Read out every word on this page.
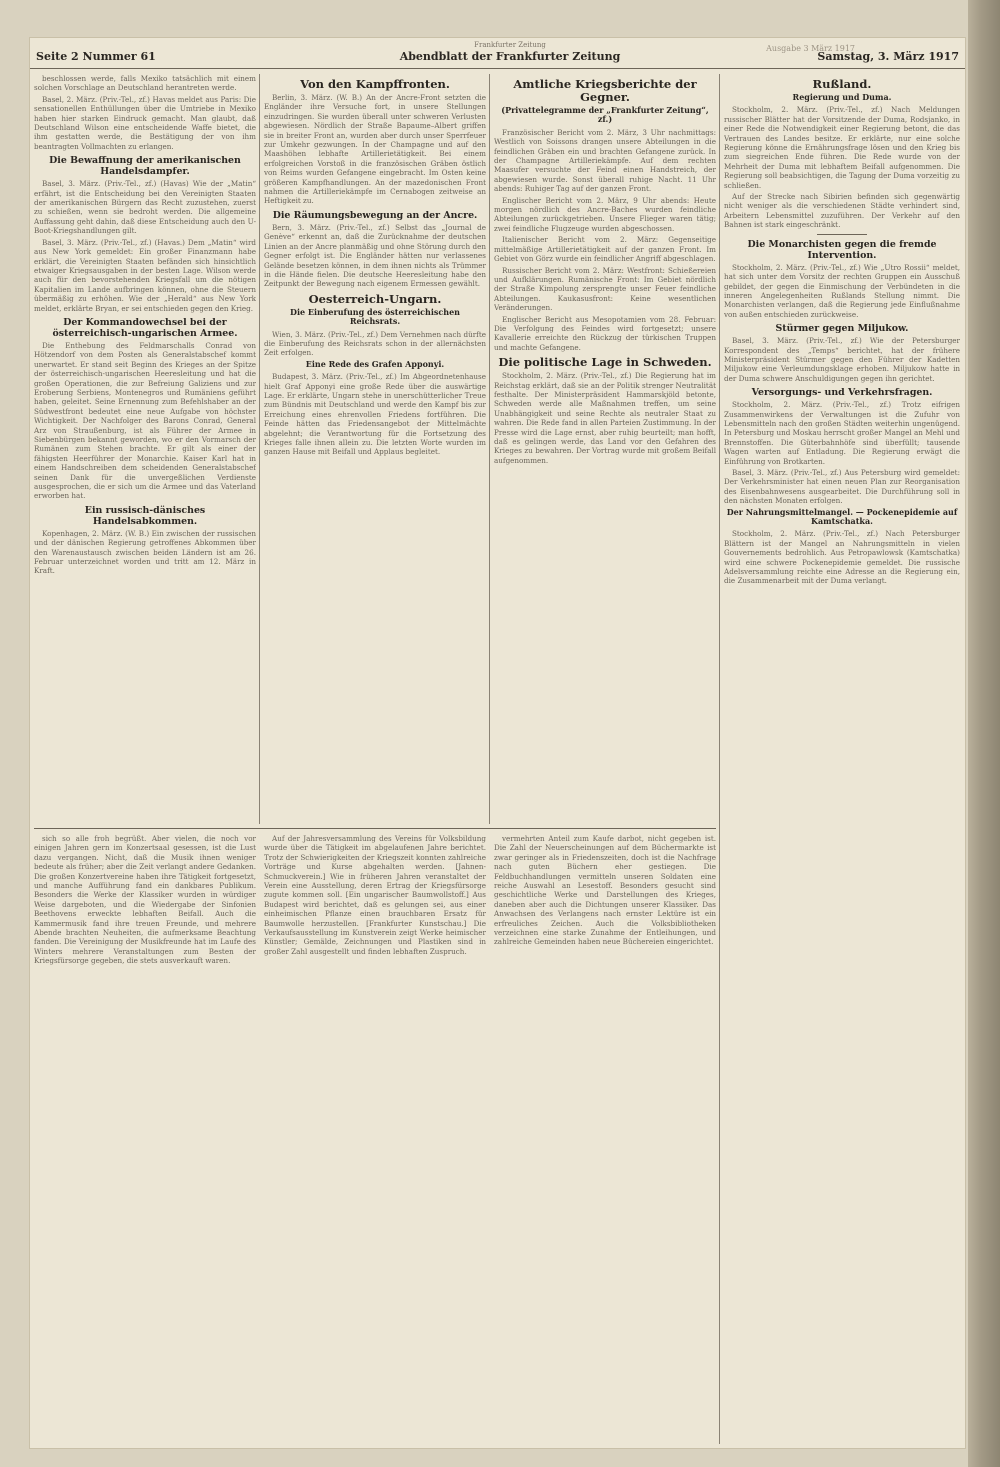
Seite 2 Nummer 61
Frankfurter Zeitung
Abendblatt der Frankfurter Zeitung
Ausgabe 3 März 1917
Samstag, 3. März 1917

beschlossen werde, falls Mexiko tatsächlich mit einem solchen Vorschlage an Deutschland herantreten werde.

Basel, 2. März. (Priv.-Tel., zf.) Havas meldet aus Paris: Die sensationellen Enthüllungen über die Umtriebe in Mexiko haben hier starken Eindruck gemacht. Man glaubt, daß Deutschland Wilson eine entscheidende Waffe bietet, die ihm gestatten werde, die Bestätigung der von ihm beantragten Vollmachten zu erlangen.

Die Bewaffnung der amerikanischen Handelsdampfer.

Basel, 3. März. (Priv.-Tel., zf.) (Havas) Wie der „Matin“ erfährt, ist die Entscheidung bei den Vereinigten Staaten der amerikanischen Bürgern das Recht zuzustehen, zuerst zu schießen, wenn sie bedroht werden. Die allgemeine Auffassung geht dahin, daß diese Entscheidung auch den U-Boot-Kriegshandlungen gilt.

Basel, 3. März. (Priv.-Tel., zf.) (Havas.) Dem „Matin“ wird aus New York gemeldet: Ein großer Finanzmann habe erklärt, die Vereinigten Staaten befänden sich hinsichtlich etwaiger Kriegsausgaben in der besten Lage. Wilson werde auch für den bevorstehenden Kriegsfall um die nötigen Kapitalien im Lande aufbringen können, ohne die Steuern übermäßig zu erhöhen. Wie der „Herald“ aus New York meldet, erklärte Bryan, er sei entschieden gegen den Krieg.

Der Kommandowechsel bei der österreichisch-ungarischen Armee.

Die Enthebung des Feldmarschalls Conrad von Hötzendorf von dem Posten als Generalstabschef kommt unerwartet. Er stand seit Beginn des Krieges an der Spitze der österreichisch-ungarischen Heeresleitung und hat die großen Operationen, die zur Befreiung Galiziens und zur Eroberung Serbiens, Montenegros und Rumäniens geführt haben, geleitet. Seine Ernennung zum Befehlshaber an der Südwestfront bedeutet eine neue Aufgabe von höchster Wichtigkeit. Der Nachfolger des Barons Conrad, General Arz von Straußenburg, ist als Führer der Armee in Siebenbürgen bekannt geworden, wo er den Vormarsch der Rumänen zum Stehen brachte. Er gilt als einer der fähigsten Heerführer der Monarchie. Kaiser Karl hat in einem Handschreiben dem scheidenden Generalstabschef seinen Dank für die unvergeßlichen Verdienste ausgesprochen, die er sich um die Armee und das Vaterland erworben hat.

Ein russisch-dänisches Handelsabkommen.

Kopenhagen, 2. März. (W. B.) Ein zwischen der russischen und der dänischen Regierung getroffenes Abkommen über den Warenaustausch zwischen beiden Ländern ist am 26. Februar unterzeichnet worden und tritt am 12. März in Kraft.

Von den Kampffronten.

Berlin, 3. März. (W. B.) An der Ancre-Front setzten die Engländer ihre Versuche fort, in unsere Stellungen einzudringen. Sie wurden überall unter schweren Verlusten abgewiesen. Nördlich der Straße Bapaume–Albert griffen sie in breiter Front an, wurden aber durch unser Sperrfeuer zur Umkehr gezwungen. In der Champagne und auf den Maashöhen lebhafte Artillerietätigkeit. Bei einem erfolgreichen Vorstoß in die französischen Gräben östlich von Reims wurden Gefangene eingebracht. Im Osten keine größeren Kampfhandlungen. An der mazedonischen Front nahmen die Artilleriekämpfe im Cernabogen zeitweise an Heftigkeit zu.

Die Räumungsbewegung an der Ancre.

Bern, 3. März. (Priv.-Tel., zf.) Selbst das „Journal de Genève“ erkennt an, daß die Zurücknahme der deutschen Linien an der Ancre planmäßig und ohne Störung durch den Gegner erfolgt ist. Die Engländer hätten nur verlassenes Gelände besetzen können, in dem ihnen nichts als Trümmer in die Hände fielen. Die deutsche Heeresleitung habe den Zeitpunkt der Bewegung nach eigenem Ermessen gewählt.

Oesterreich-Ungarn.
Die Einberufung des österreichischen Reichsrats.

Wien, 3. März. (Priv.-Tel., zf.) Dem Vernehmen nach dürfte die Einberufung des Reichsrats schon in der allernächsten Zeit erfolgen.

Eine Rede des Grafen Apponyi.

Budapest, 3. März. (Priv.-Tel., zf.) Im Abgeordnetenhause hielt Graf Apponyi eine große Rede über die auswärtige Lage. Er erklärte, Ungarn stehe in unerschütterlicher Treue zum Bündnis mit Deutschland und werde den Kampf bis zur Erreichung eines ehrenvollen Friedens fortführen. Die Feinde hätten das Friedensangebot der Mittelmächte abgelehnt; die Verantwortung für die Fortsetzung des Krieges falle ihnen allein zu. Die letzten Worte wurden im ganzen Hause mit Beifall und Applaus begleitet.

Amtliche Kriegsberichte der Gegner.
(Privattelegramme der „Frankfurter Zeitung“, zf.)

Französischer Bericht vom 2. März, 3 Uhr nachmittags: Westlich von Soissons drangen unsere Abteilungen in die feindlichen Gräben ein und brachten Gefangene zurück. In der Champagne Artilleriekämpfe. Auf dem rechten Maasufer versuchte der Feind einen Handstreich, der abgewiesen wurde. Sonst überall ruhige Nacht. 11 Uhr abends: Ruhiger Tag auf der ganzen Front.

Englischer Bericht vom 2. März, 9 Uhr abends: Heute morgen nördlich des Ancre-Baches wurden feindliche Abteilungen zurückgetrieben. Unsere Flieger waren tätig; zwei feindliche Flugzeuge wurden abgeschossen.

Italienischer Bericht vom 2. März: Gegenseitige mittelmäßige Artillerietätigkeit auf der ganzen Front. Im Gebiet von Görz wurde ein feindlicher Angriff abgeschlagen.

Russischer Bericht vom 2. März: Westfront: Schießereien und Aufklärungen. Rumänische Front: Im Gebiet nördlich der Straße Kimpolung zersprengte unser Feuer feindliche Abteilungen. Kaukasusfront: Keine wesentlichen Veränderungen.

Englischer Bericht aus Mesopotamien vom 28. Februar: Die Verfolgung des Feindes wird fortgesetzt; unsere Kavallerie erreichte den Rückzug der türkischen Truppen und machte Gefangene.

Die politische Lage in Schweden.

Stockholm, 2. März. (Priv.-Tel., zf.) Die Regierung hat im Reichstag erklärt, daß sie an der Politik strenger Neutralität festhalte. Der Ministerpräsident Hammarskjöld betonte, Schweden werde alle Maßnahmen treffen, um seine Unabhängigkeit und seine Rechte als neutraler Staat zu wahren. Die Rede fand in allen Parteien Zustimmung. In der Presse wird die Lage ernst, aber ruhig beurteilt; man hofft, daß es gelingen werde, das Land vor den Gefahren des Krieges zu bewahren. Der Vortrag wurde mit großem Beifall aufgenommen.

Rußland.
Regierung und Duma.

Stockholm, 2. März. (Priv.-Tel., zf.) Nach Meldungen russischer Blätter hat der Vorsitzende der Duma, Rodsjanko, in einer Rede die Notwendigkeit einer Regierung betont, die das Vertrauen des Landes besitze. Er erklärte, nur eine solche Regierung könne die Ernährungsfrage lösen und den Krieg bis zum siegreichen Ende führen. Die Rede wurde von der Mehrheit der Duma mit lebhaftem Beifall aufgenommen. Die Regierung soll beabsichtigen, die Tagung der Duma vorzeitig zu schließen.

Auf der Strecke nach Sibirien befinden sich gegenwärtig nicht weniger als die verschiedenen Städte verhindert sind, Arbeitern Lebensmittel zuzuführen. Der Verkehr auf den Bahnen ist stark eingeschränkt.

Die Monarchisten gegen die fremde Intervention.

Stockholm, 2. März. (Priv.-Tel., zf.) Wie „Utro Rossii“ meldet, hat sich unter dem Vorsitz der rechten Gruppen ein Ausschuß gebildet, der gegen die Einmischung der Verbündeten in die inneren Angelegenheiten Rußlands Stellung nimmt. Die Monarchisten verlangen, daß die Regierung jede Einflußnahme von außen entschieden zurückweise.

Stürmer gegen Miljukow.

Basel, 3. März. (Priv.-Tel., zf.) Wie der Petersburger Korrespondent des „Temps“ berichtet, hat der frühere Ministerpräsident Stürmer gegen den Führer der Kadetten Miljukow eine Verleumdungsklage erhoben. Miljukow hatte in der Duma schwere Anschuldigungen gegen ihn gerichtet.

Versorgungs- und Verkehrsfragen.

Stockholm, 2. März. (Priv.-Tel., zf.) Trotz eifrigen Zusammenwirkens der Verwaltungen ist die Zufuhr von Lebensmitteln nach den großen Städten weiterhin ungenügend. In Petersburg und Moskau herrscht großer Mangel an Mehl und Brennstoffen. Die Güterbahnhöfe sind überfüllt; tausende Wagen warten auf Entladung. Die Regierung erwägt die Einführung von Brotkarten.

Basel, 3. März. (Priv.-Tel., zf.) Aus Petersburg wird gemeldet: Der Verkehrsminister hat einen neuen Plan zur Reorganisation des Eisenbahnwesens ausgearbeitet. Die Durchführung soll in den nächsten Monaten erfolgen.

Der Nahrungsmittelmangel. — Pockenepidemie auf Kamtschatka.

Stockholm, 2. März. (Priv.-Tel., zf.) Nach Petersburger Blättern ist der Mangel an Nahrungsmitteln in vielen Gouvernements bedrohlich. Aus Petropawlowsk (Kamtschatka) wird eine schwere Pockenepidemie gemeldet. Die russische Adelsversammlung reichte eine Adresse an die Regierung ein, die Zusammenarbeit mit der Duma verlangt.

sich so alle froh begrüßt. Aber vielen, die noch vor einigen Jahren gern im Konzertsaal gesessen, ist die Lust dazu vergangen. Nicht, daß die Musik ihnen weniger bedeute als früher; aber die Zeit verlangt andere Gedanken. Die großen Konzertvereine haben ihre Tätigkeit fortgesetzt, und manche Aufführung fand ein dankbares Publikum. Besonders die Werke der Klassiker wurden in würdiger Weise dargeboten, und die Wiedergabe der Sinfonien Beethovens erweckte lebhaften Beifall. Auch die Kammermusik fand ihre treuen Freunde, und mehrere Abende brachten Neuheiten, die aufmerksame Beachtung fanden. Die Vereinigung der Musikfreunde hat im Laufe des Winters mehrere Veranstaltungen zum Besten der Kriegsfürsorge gegeben, die stets ausverkauft waren.

Auf der Jahresversammlung des Vereins für Volksbildung wurde über die Tätigkeit im abgelaufenen Jahre berichtet. Trotz der Schwierigkeiten der Kriegszeit konnten zahlreiche Vorträge und Kurse abgehalten werden. [Jahnen-Schmuckverein.] Wie in früheren Jahren veranstaltet der Verein eine Ausstellung, deren Ertrag der Kriegsfürsorge zugute kommen soll. [Ein ungarischer Baumwollstoff.] Aus Budapest wird berichtet, daß es gelungen sei, aus einer einheimischen Pflanze einen brauchbaren Ersatz für Baumwolle herzustellen. [Frankfurter Kunstschau.] Die Verkaufsausstellung im Kunstverein zeigt Werke heimischer Künstler; Gemälde, Zeichnungen und Plastiken sind in großer Zahl ausgestellt und finden lebhaften Zuspruch.

vermehrten Anteil zum Kaufe darbot, nicht gegeben ist. Die Zahl der Neuerscheinungen auf dem Büchermarkte ist zwar geringer als in Friedenszeiten, doch ist die Nachfrage nach guten Büchern eher gestiegen. Die Feldbuchhandlungen vermitteln unseren Soldaten eine reiche Auswahl an Lesestoff. Besonders gesucht sind geschichtliche Werke und Darstellungen des Krieges, daneben aber auch die Dichtungen unserer Klassiker. Das Anwachsen des Verlangens nach ernster Lektüre ist ein erfreuliches Zeichen. Auch die Volksbibliotheken verzeichnen eine starke Zunahme der Entleihungen, und zahlreiche Gemeinden haben neue Büchereien eingerichtet.
